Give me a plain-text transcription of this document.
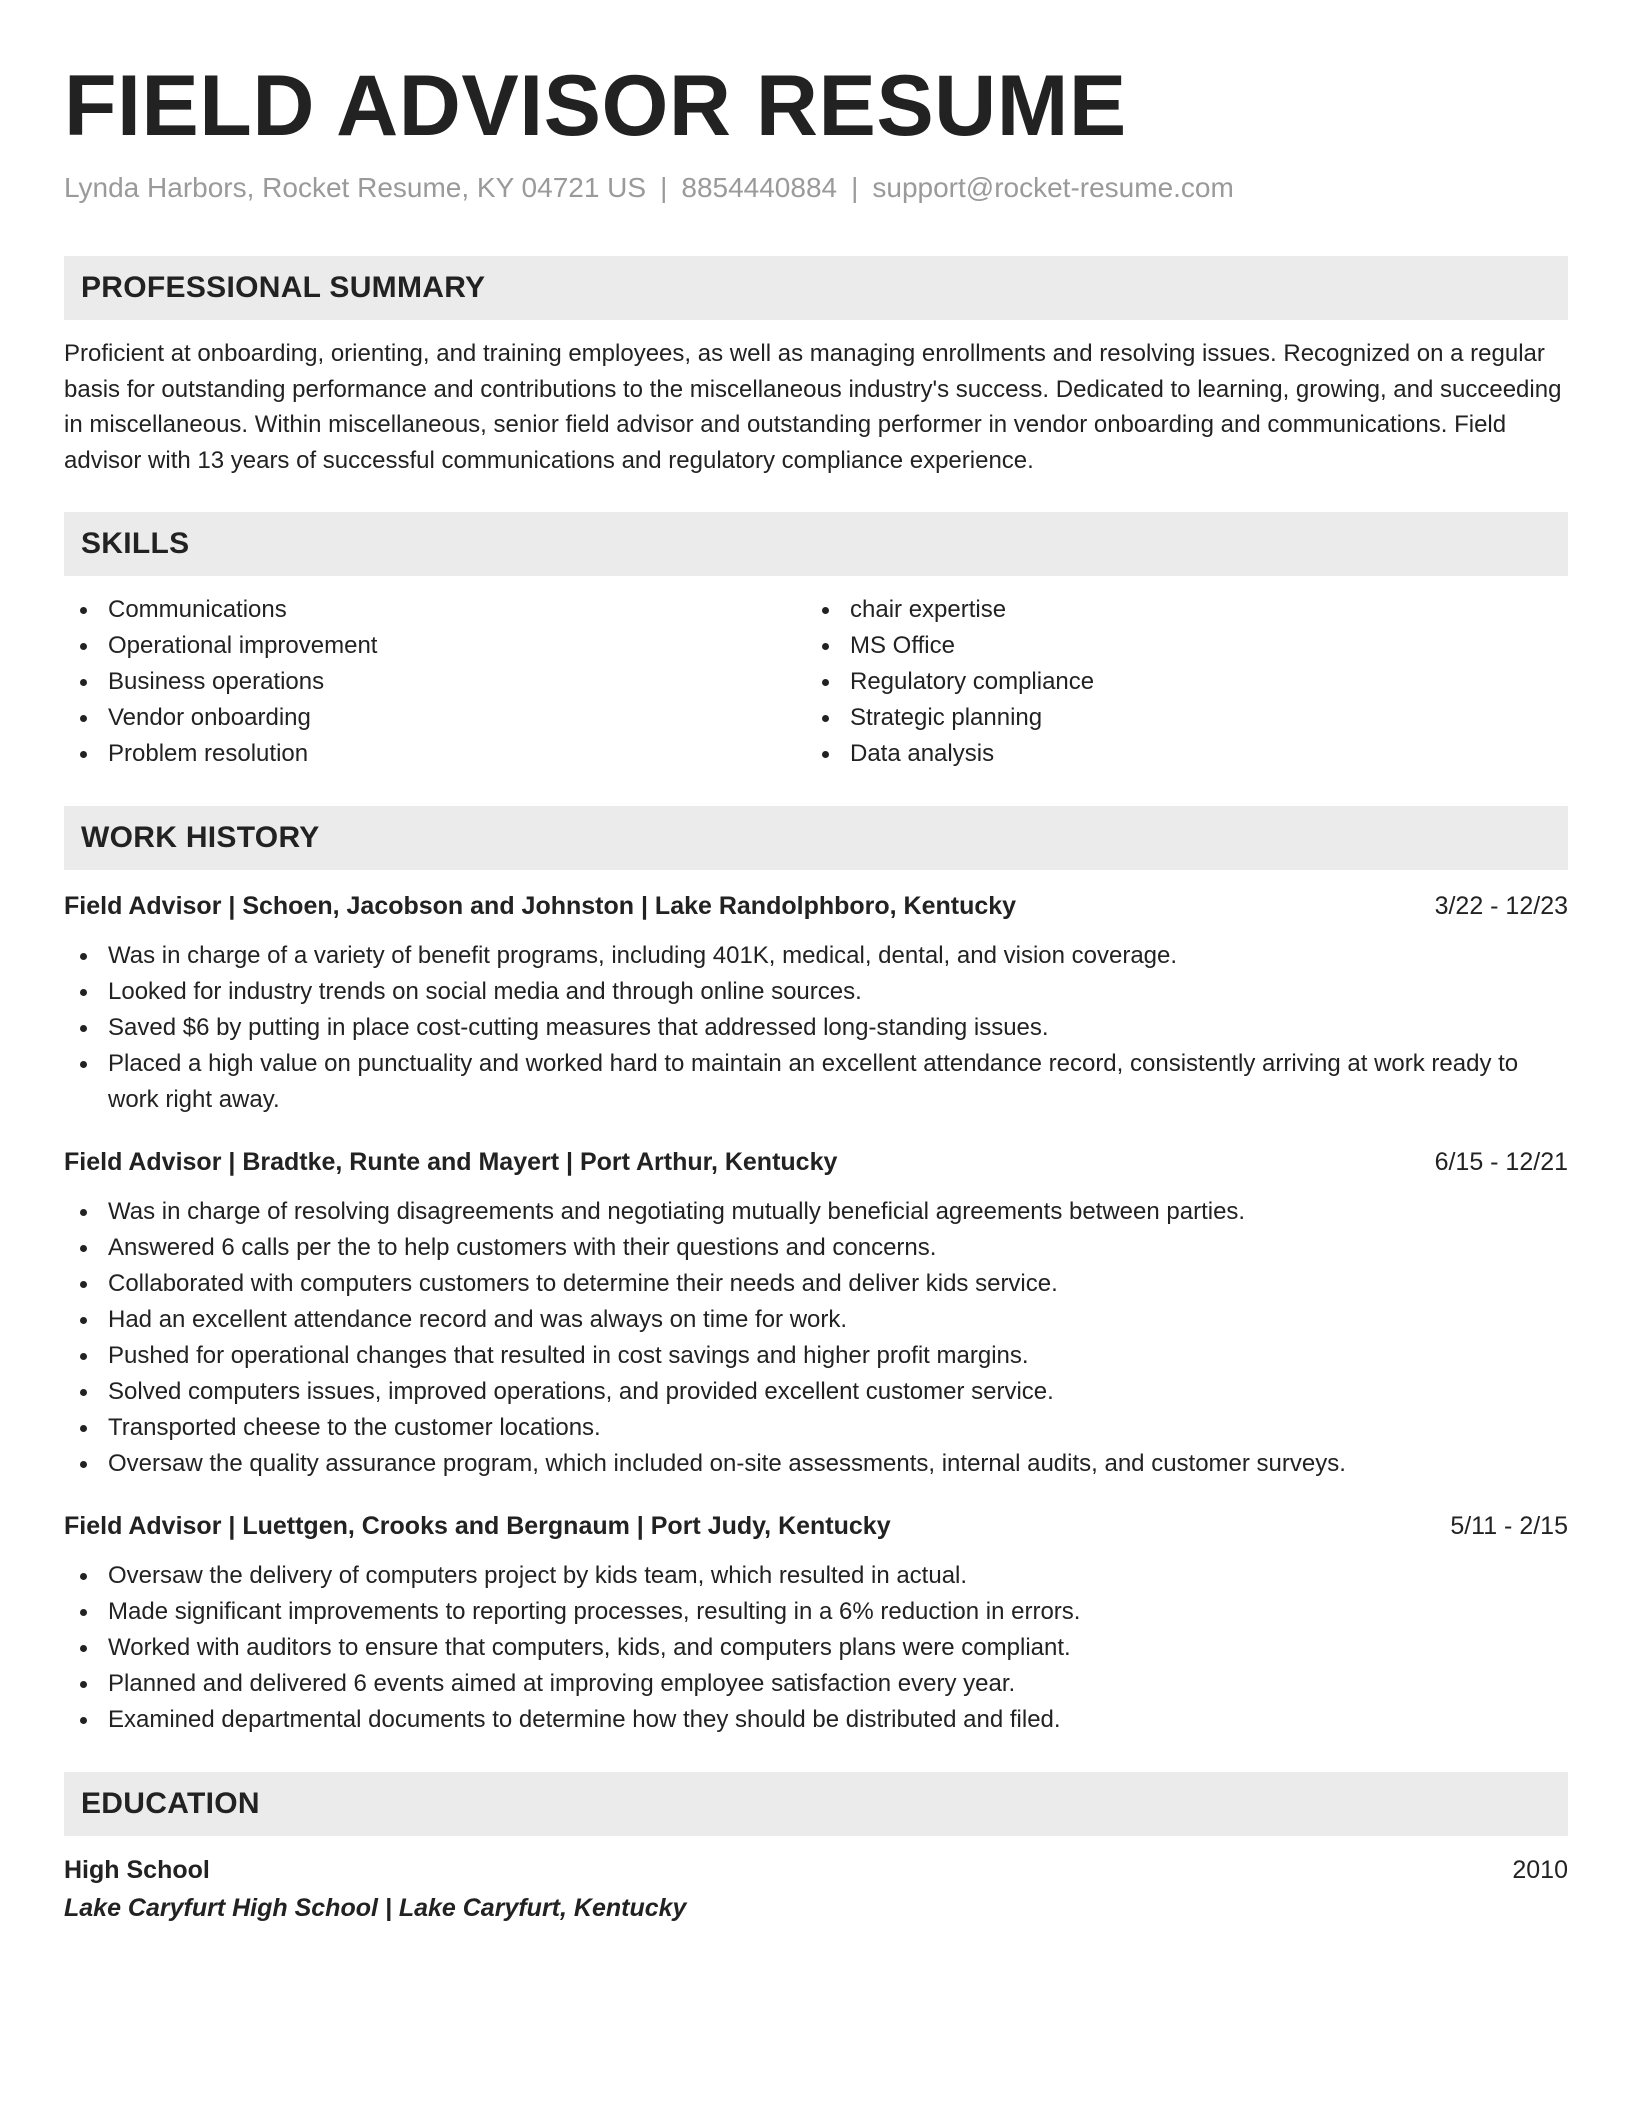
FIELD ADVISOR RESUME
Lynda Harbors, Rocket Resume, KY 04721 US | 8854440884 | support@rocket-resume.com
PROFESSIONAL SUMMARY

Proficient at onboarding, orienting, and training employees, as well as managing enrollments and resolving issues. Recognized on a regular basis for outstanding performance and contributions to the miscellaneous industry's success. Dedicated to learning, growing, and succeeding in miscellaneous. Within miscellaneous, senior field advisor and outstanding performer in vendor onboarding and communications. Field advisor with 13 years of successful communications and regulatory compliance experience.

SKILLS
Communications
Operational improvement
Business operations
Vendor onboarding
Problem resolution
chair expertise
MS Office
Regulatory compliance
Strategic planning
Data analysis
WORK HISTORY
Field Advisor | Schoen, Jacobson and Johnston | Lake Randolphboro, Kentucky	3/22 - 12/23
Was in charge of a variety of benefit programs, including 401K, medical, dental, and vision coverage.
Looked for industry trends on social media and through online sources.
Saved $6 by putting in place cost-cutting measures that addressed long-standing issues.
Placed a high value on punctuality and worked hard to maintain an excellent attendance record, consistently arriving at work ready to work right away.
Field Advisor | Bradtke, Runte and Mayert | Port Arthur, Kentucky	6/15 - 12/21
Was in charge of resolving disagreements and negotiating mutually beneficial agreements between parties.
Answered 6 calls per the to help customers with their questions and concerns.
Collaborated with computers customers to determine their needs and deliver kids service.
Had an excellent attendance record and was always on time for work.
Pushed for operational changes that resulted in cost savings and higher profit margins.
Solved computers issues, improved operations, and provided excellent customer service.
Transported cheese to the customer locations.
Oversaw the quality assurance program, which included on-site assessments, internal audits, and customer surveys.
Field Advisor | Luettgen, Crooks and Bergnaum | Port Judy, Kentucky	5/11 - 2/15
Oversaw the delivery of computers project by kids team, which resulted in actual.
Made significant improvements to reporting processes, resulting in a 6% reduction in errors.
Worked with auditors to ensure that computers, kids, and computers plans were compliant.
Planned and delivered 6 events aimed at improving employee satisfaction every year.
Examined departmental documents to determine how they should be distributed and filed.
EDUCATION
High School	2010
Lake Caryfurt High School | Lake Caryfurt, Kentucky
